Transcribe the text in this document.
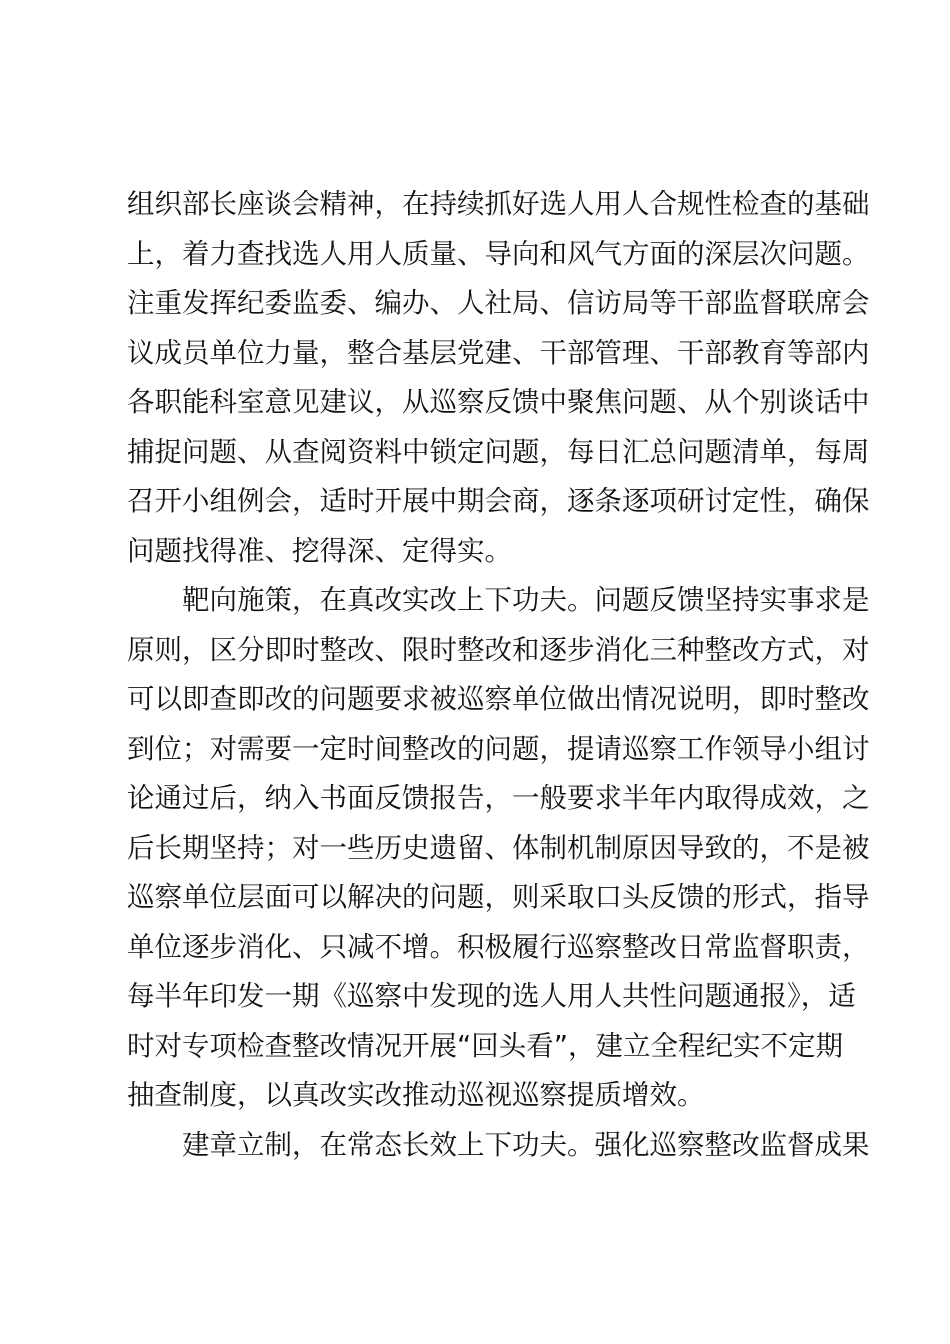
组织部长座谈会精神，在持续抓好选人用人合规性检查的基础
上，着力查找选人用人质量、导向和风气方面的深层次问题。
注重发挥纪委监委、编办、人社局、信访局等干部监督联席会
议成员单位力量，整合基层党建、干部管理、干部教育等部内
各职能科室意见建议，从巡察反馈中聚焦问题、从个别谈话中
捕捉问题、从查阅资料中锁定问题，每日汇总问题清单，每周
召开小组例会，适时开展中期会商，逐条逐项研讨定性，确保
问题找得准、挖得深、定得实。
　　靶向施策，在真改实改上下功夫。问题反馈坚持实事求是
原则，区分即时整改、限时整改和逐步消化三种整改方式，对
可以即查即改的问题要求被巡察单位做出情况说明，即时整改
到位；对需要一定时间整改的问题，提请巡察工作领导小组讨
论通过后，纳入书面反馈报告，一般要求半年内取得成效，之
后长期坚持；对一些历史遗留、体制机制原因导致的，不是被
巡察单位层面可以解决的问题，则采取口头反馈的形式，指导
单位逐步消化、只减不增。积极履行巡察整改日常监督职责，
每半年印发一期《巡察中发现的选人用人共性问题通报》，适
时对专项检查整改情况开展“回头看”，建立全程纪实不定期
抽查制度，以真改实改推动巡视巡察提质增效。
　　建章立制，在常态长效上下功夫。强化巡察整改监督成果
